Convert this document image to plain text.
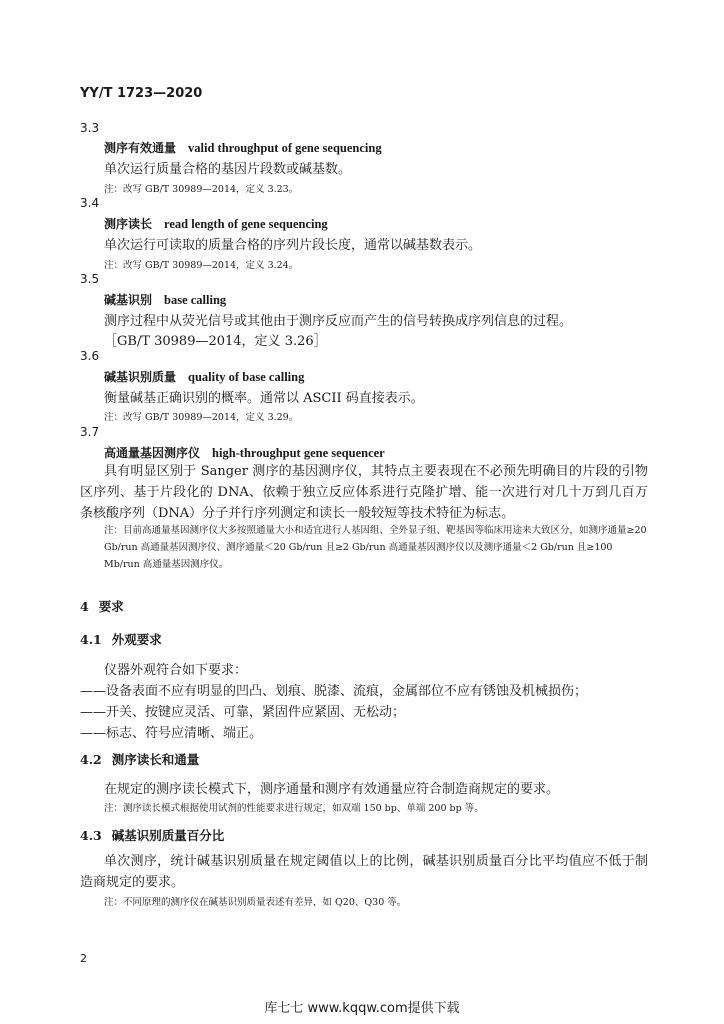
YY/T 1723—2020
3.3
测序有效通量 valid throughput of gene sequencing
单次运行质量合格的基因片段数或碱基数。
注：改写 GB/T 30989—2014，定义 3.23。
3.4
测序读长 read length of gene sequencing
单次运行可读取的质量合格的序列片段长度，通常以碱基数表示。
注：改写 GB/T 30989—2014，定义 3.24。
3.5
碱基识别 base calling
测序过程中从荧光信号或其他由于测序反应而产生的信号转换成序列信息的过程。
［GB/T 30989—2014，定义 3.26］
3.6
碱基识别质量 quality of base calling
衡量碱基正确识别的概率。通常以 ASCII 码直接表示。
注：改写 GB/T 30989—2014，定义 3.29。
3.7
高通量基因测序仪 high-throughput gene sequencer
具有明显区别于 Sanger 测序的基因测序仪，其特点主要表现在不必预先明确目的片段的引物区序列、基于片段化的 DNA、依赖于独立反应体系进行克隆扩增、能一次进行对几十万到几百万条核酸序列（DNA）分子并行序列测定和读长一般较短等技术特征为标志。
注：目前高通量基因测序仪大多按照通量大小和适宜进行人基因组、全外显子组、靶基因等临床用途来大致区分，如测序通量≥20 Gb/run 高通量基因测序仪、测序通量＜20 Gb/run 且≥2 Gb/run 高通量基因测序仪以及测序通量＜2 Gb/run 且≥100 Mb/run 高通量基因测序仪。
4 要求
4.1 外观要求
仪器外观符合如下要求：
——设备表面不应有明显的凹凸、划痕、脱漆、流痕，金属部位不应有锈蚀及机械损伤；
——开关、按键应灵活、可靠，紧固件应紧固、无松动；
——标志、符号应清晰、端正。
4.2 测序读长和通量
在规定的测序读长模式下，测序通量和测序有效通量应符合制造商规定的要求。
注：测序读长模式根据使用试剂的性能要求进行规定，如双端 150 bp、单端 200 bp 等。
4.3 碱基识别质量百分比
单次测序，统计碱基识别质量在规定阈值以上的比例，碱基识别质量百分比平均值应不低于制造商规定的要求。
注：不同原理的测序仪在碱基识别质量表述有差异，如 Q20、Q30 等。
2
库七七 www.kqqw.com提供下载
